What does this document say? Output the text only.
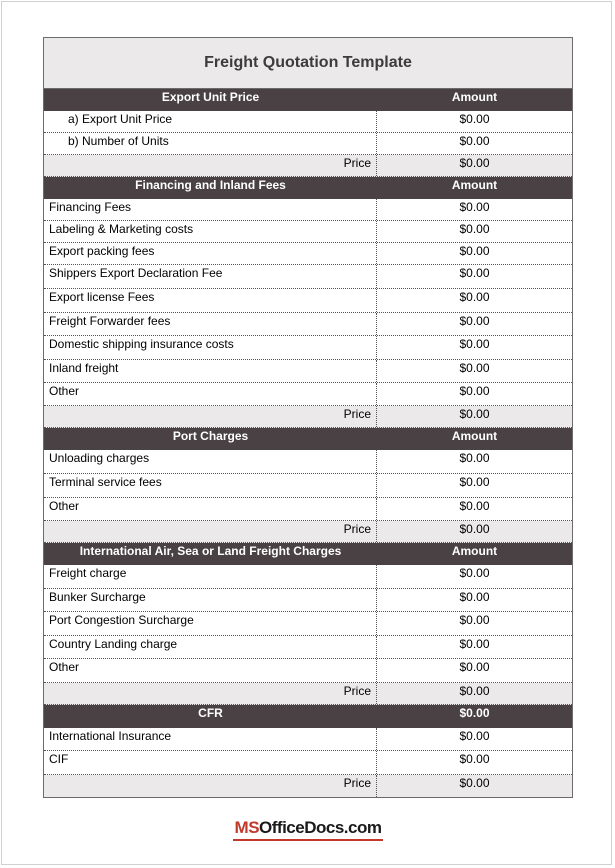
Freight Quotation Template
Export Unit Price	Amount
a) Export Unit Price	$0.00
b) Number of Units	$0.00
Price	$0.00
Financing and Inland Fees	Amount
Financing Fees	$0.00
Labeling & Marketing costs	$0.00
Export packing fees	$0.00
Shippers Export Declaration Fee	$0.00
Export license Fees	$0.00
Freight Forwarder fees	$0.00
Domestic shipping insurance costs	$0.00
Inland freight	$0.00
Other	$0.00
Price	$0.00
Port Charges	Amount
Unloading charges	$0.00
Terminal service fees	$0.00
Other	$0.00
Price	$0.00
International Air, Sea or Land Freight Charges	Amount
Freight charge	$0.00
Bunker Surcharge	$0.00
Port Congestion Surcharge	$0.00
Country Landing charge	$0.00
Other	$0.00
Price	$0.00
CFR	$0.00
International Insurance	$0.00
CIF	$0.00
Price	$0.00
MSOfficeDocs.com
